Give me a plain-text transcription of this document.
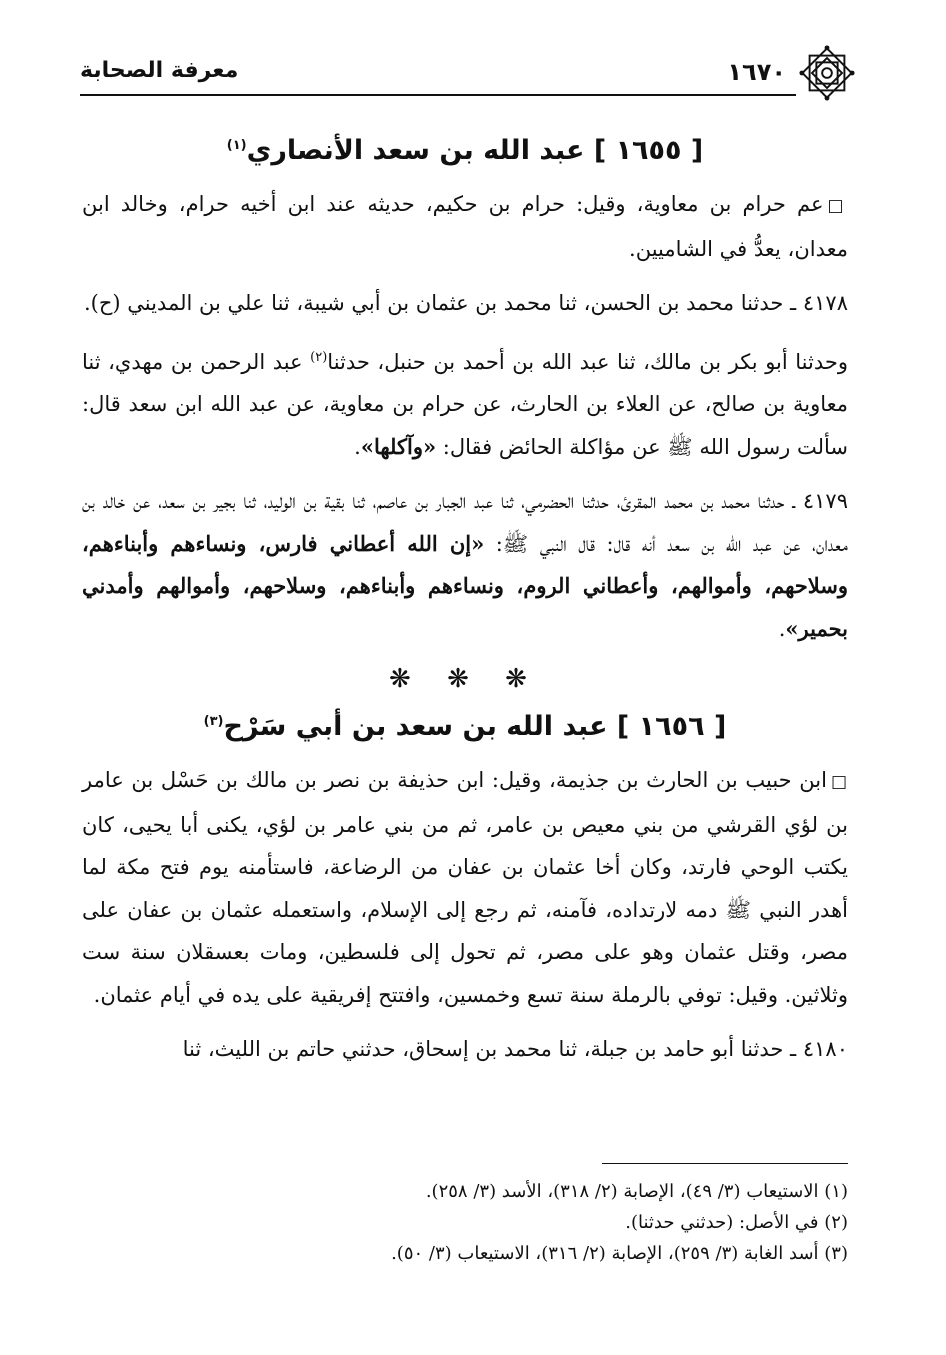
١٦٧٠
معرفة الصحابة
[ ١٦٥٥ ] عبد الله بن سعد الأنصاري$^{(١)}$

□عم حرام بن معاوية، وقيل: حرام بن حكيم، حديثه عند ابن أخيه حرام، وخالد ابن معدان، يعدُّ في الشاميين.

٤١٧٨ ـ حدثنا محمد بن الحسن، ثنا محمد بن عثمان بن أبي شيبة، ثنا علي بن المديني (ح).

وحدثنا أبو بكر بن مالك، ثنا عبد الله بن أحمد بن حنبل، حدثنا$^{(٢)}$ عبد الرحمن بن مهدي، ثنا معاوية بن صالح، عن العلاء بن الحارث، عن حرام بن معاوية، عن عبد الله ابن سعد قال: سألت رسول الله ﷺ عن مؤاكلة الحائض فقال: «وآكلها».

٤١٧٩ ـ حدثنا محمد بن محمد المقرئ، حدثنا الحضرمي، ثنا عبد الجبار بن عاصم، ثنا بقية بن الوليد، ثنا بجير بن سعد، عن خالد بن معدان، عن عبد الله بن سعد أنه قال: قال النبي ﷺ: «إن الله أعطاني فارس، ونساءهم وأبناءهم، وسلاحهم، وأموالهم، وأعطاني الروم، ونساءهم وأبناءهم، وسلاحهم، وأموالهم وأمدني بحمير».

❋ ❋ ❋
[ ١٦٥٦ ] عبد الله بن سعد بن أبي سَرْح$^{(٣)}$

□ابن حبيب بن الحارث بن جذيمة، وقيل: ابن حذيفة بن نصر بن مالك بن حَسْل بن عامر بن لؤي القرشي من بني معيص بن عامر، ثم من بني عامر بن لؤي، يكنى أبا يحيى، كان يكتب الوحي فارتد، وكان أخا عثمان بن عفان من الرضاعة، فاستأمنه يوم فتح مكة لما أهدر النبي ﷺ دمه لارتداده، فآمنه، ثم رجع إلى الإسلام، واستعمله عثمان بن عفان على مصر، وقتل عثمان وهو على مصر، ثم تحول إلى فلسطين، ومات بعسقلان سنة ست وثلاثين. وقيل: توفي بالرملة سنة تسع وخمسين، وافتتح إفريقية على يده في أيام عثمان.

٤١٨٠ ـ حدثنا أبو حامد بن جبلة، ثنا محمد بن إسحاق، حدثني حاتم بن الليث، ثنا

(١) الاستيعاب (٣/ ٤٩)، الإصابة (٢/ ٣١٨)، الأسد (٣/ ٢٥٨).

(٢) في الأصل: (حدثني حدثنا).

(٣) أسد الغابة (٣/ ٢٥٩)، الإصابة (٢/ ٣١٦)، الاستيعاب (٣/ ٥٠).
